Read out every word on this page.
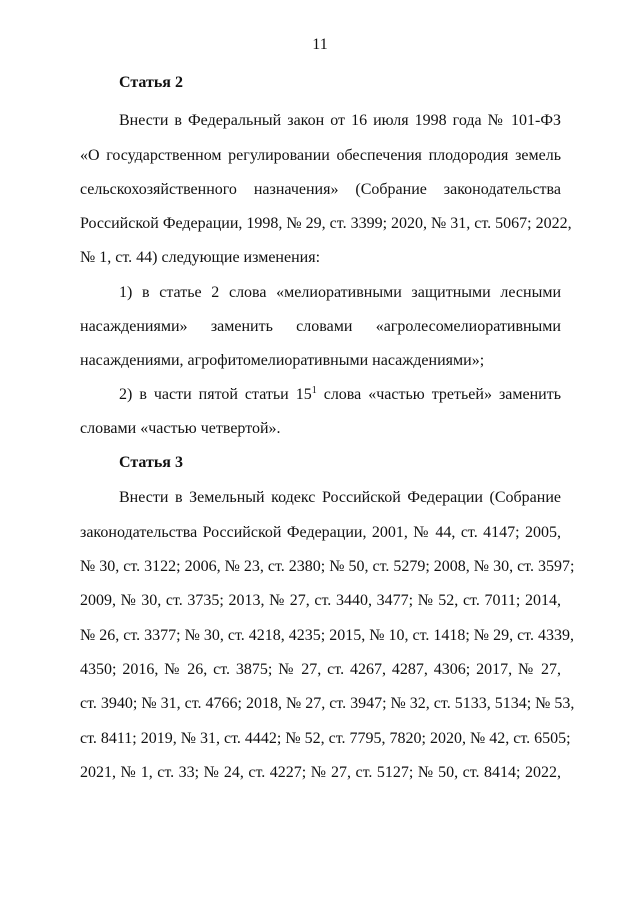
11
Статья 2
Внести в Федеральный закон от 16 июля 1998 года № 101-ФЗ
«О государственном регулировании обеспечения плодородия земель
сельскохозяйственного назначения» (Собрание законодательства
Российской Федерации, 1998, № 29, ст. 3399; 2020, № 31, ст. 5067; 2022,
№ 1, ст. 44) следующие изменения:
1) в статье 2 слова «мелиоративными защитными лесными
насаждениями» заменить словами «агролесомелиоративными
насаждениями, агрофитомелиоративными насаждениями»;
2) в части пятой статьи $15^1$ слова «частью третьей» заменить
словами «частью четвертой».
Статья 3
Внести в Земельный кодекс Российской Федерации (Собрание
законодательства Российской Федерации, 2001, № 44, ст. 4147; 2005,
№ 30, ст. 3122; 2006, № 23, ст. 2380; № 50, ст. 5279; 2008, № 30, ст. 3597;
2009, № 30, ст. 3735; 2013, № 27, ст. 3440, 3477; № 52, ст. 7011; 2014,
№ 26, ст. 3377; № 30, ст. 4218, 4235; 2015, № 10, ст. 1418; № 29, ст. 4339,
4350; 2016, № 26, ст. 3875; № 27, ст. 4267, 4287, 4306; 2017, № 27,
ст. 3940; № 31, ст. 4766; 2018, № 27, ст. 3947; № 32, ст. 5133, 5134; № 53,
ст. 8411; 2019, № 31, ст. 4442; № 52, ст. 7795, 7820; 2020, № 42, ст. 6505;
2021, № 1, ст. 33; № 24, ст. 4227; № 27, ст. 5127; № 50, ст. 8414; 2022,
